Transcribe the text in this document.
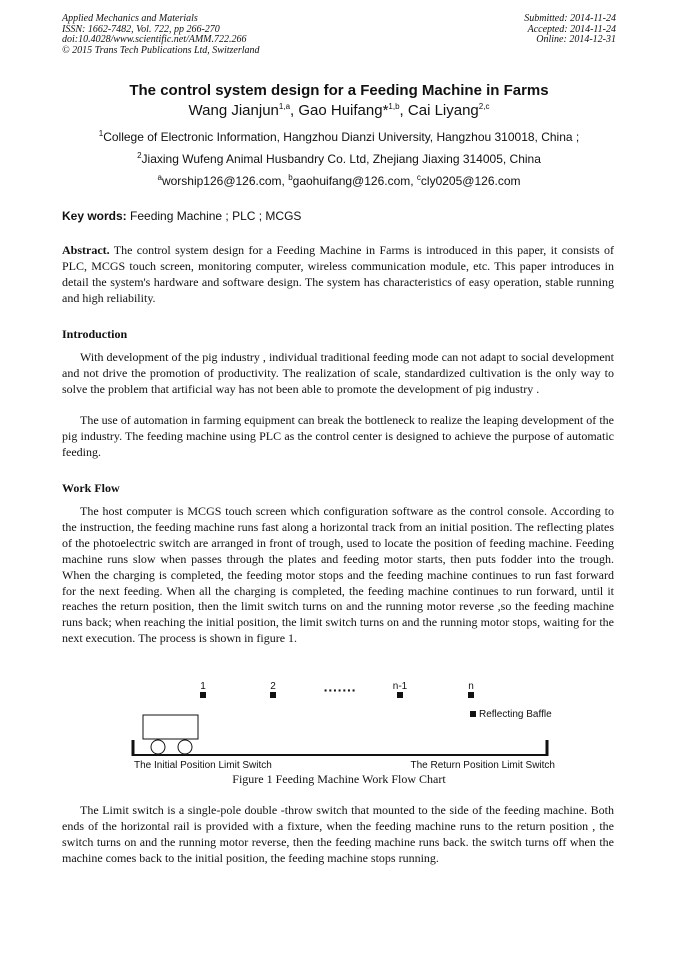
Applied Mechanics and Materials
ISSN: 1662-7482, Vol. 722, pp 266-270
doi:10.4028/www.scientific.net/AMM.722.266
© 2015 Trans Tech Publications Ltd, Switzerland
Submitted: 2014-11-24
Accepted: 2014-11-24
Online: 2014-12-31
The control system design for a Feeding Machine in Farms
Wang Jianjun$^{1,a}$, Gao Huifang*$^{1,b}$, Cai Liyang$^{2,c}$
$^1$College of Electronic Information, Hangzhou Dianzi University, Hangzhou 310018, China ;
$^2$Jiaxing Wufeng Animal Husbandry Co. Ltd, Zhejiang Jiaxing 314005, China
$^a$worship126@126.com, $^b$gaohuifang@126.com, $^c$cly0205@126.com
Key words: Feeding Machine ; PLC ; MCGS

Abstract. The control system design for a Feeding Machine in Farms is introduced in this paper, it consists of PLC, MCGS touch screen, monitoring computer, wireless communication module, etc. This paper introduces in detail the system's hardware and software design. The system has characteristics of easy operation, stable running and high reliability.

Introduction

With development of the pig industry , individual traditional feeding mode can not adapt to social development and not drive the promotion of productivity. The realization of scale, standardized cultivation is the only way to solve the problem that artificial way has not been able to promote the development of pig industry .

The use of automation in farming equipment can break the bottleneck to realize the leaping development of the pig industry. The feeding machine using PLC as the control center is designed to achieve the purpose of automatic feeding.

Work Flow

The host computer is MCGS touch screen which configuration software as the control console. According to the instruction, the feeding machine runs fast along a horizontal track from an initial position. The reflecting plates of the photoelectric switch are arranged in front of trough, used to locate the position of feeding machine. Feeding machine runs slow when passes through the plates and feeding motor starts, then puts fodder into the trough. When the charging is completed, the feeding motor stops and the feeding machine continues to run fast forward for the next feeding. When all the charging is completed, the feeding machine continues to run forward, until it reaches the return position, then the limit switch turns on and the running motor reverse ,so the feeding machine runs back; when reaching the initial position, the limit switch turns on and the running motor stops, waiting for the next execution. The process is shown in figure 1.

1	2	n-1	n
·······
Reflecting Baffle
The Initial Position Limit Switch	The Return Position Limit Switch
Figure 1 Feeding Machine Work Flow Chart

The Limit switch is a single-pole double -throw switch that mounted to the side of the feeding machine. Both ends of the horizontal rail is provided with a fixture, when the feeding machine runs to the return position , the switch turns on and the running motor reverse, then the feeding machine runs back. the switch turns off when the machine comes back to the initial position, the feeding machine stops running.
